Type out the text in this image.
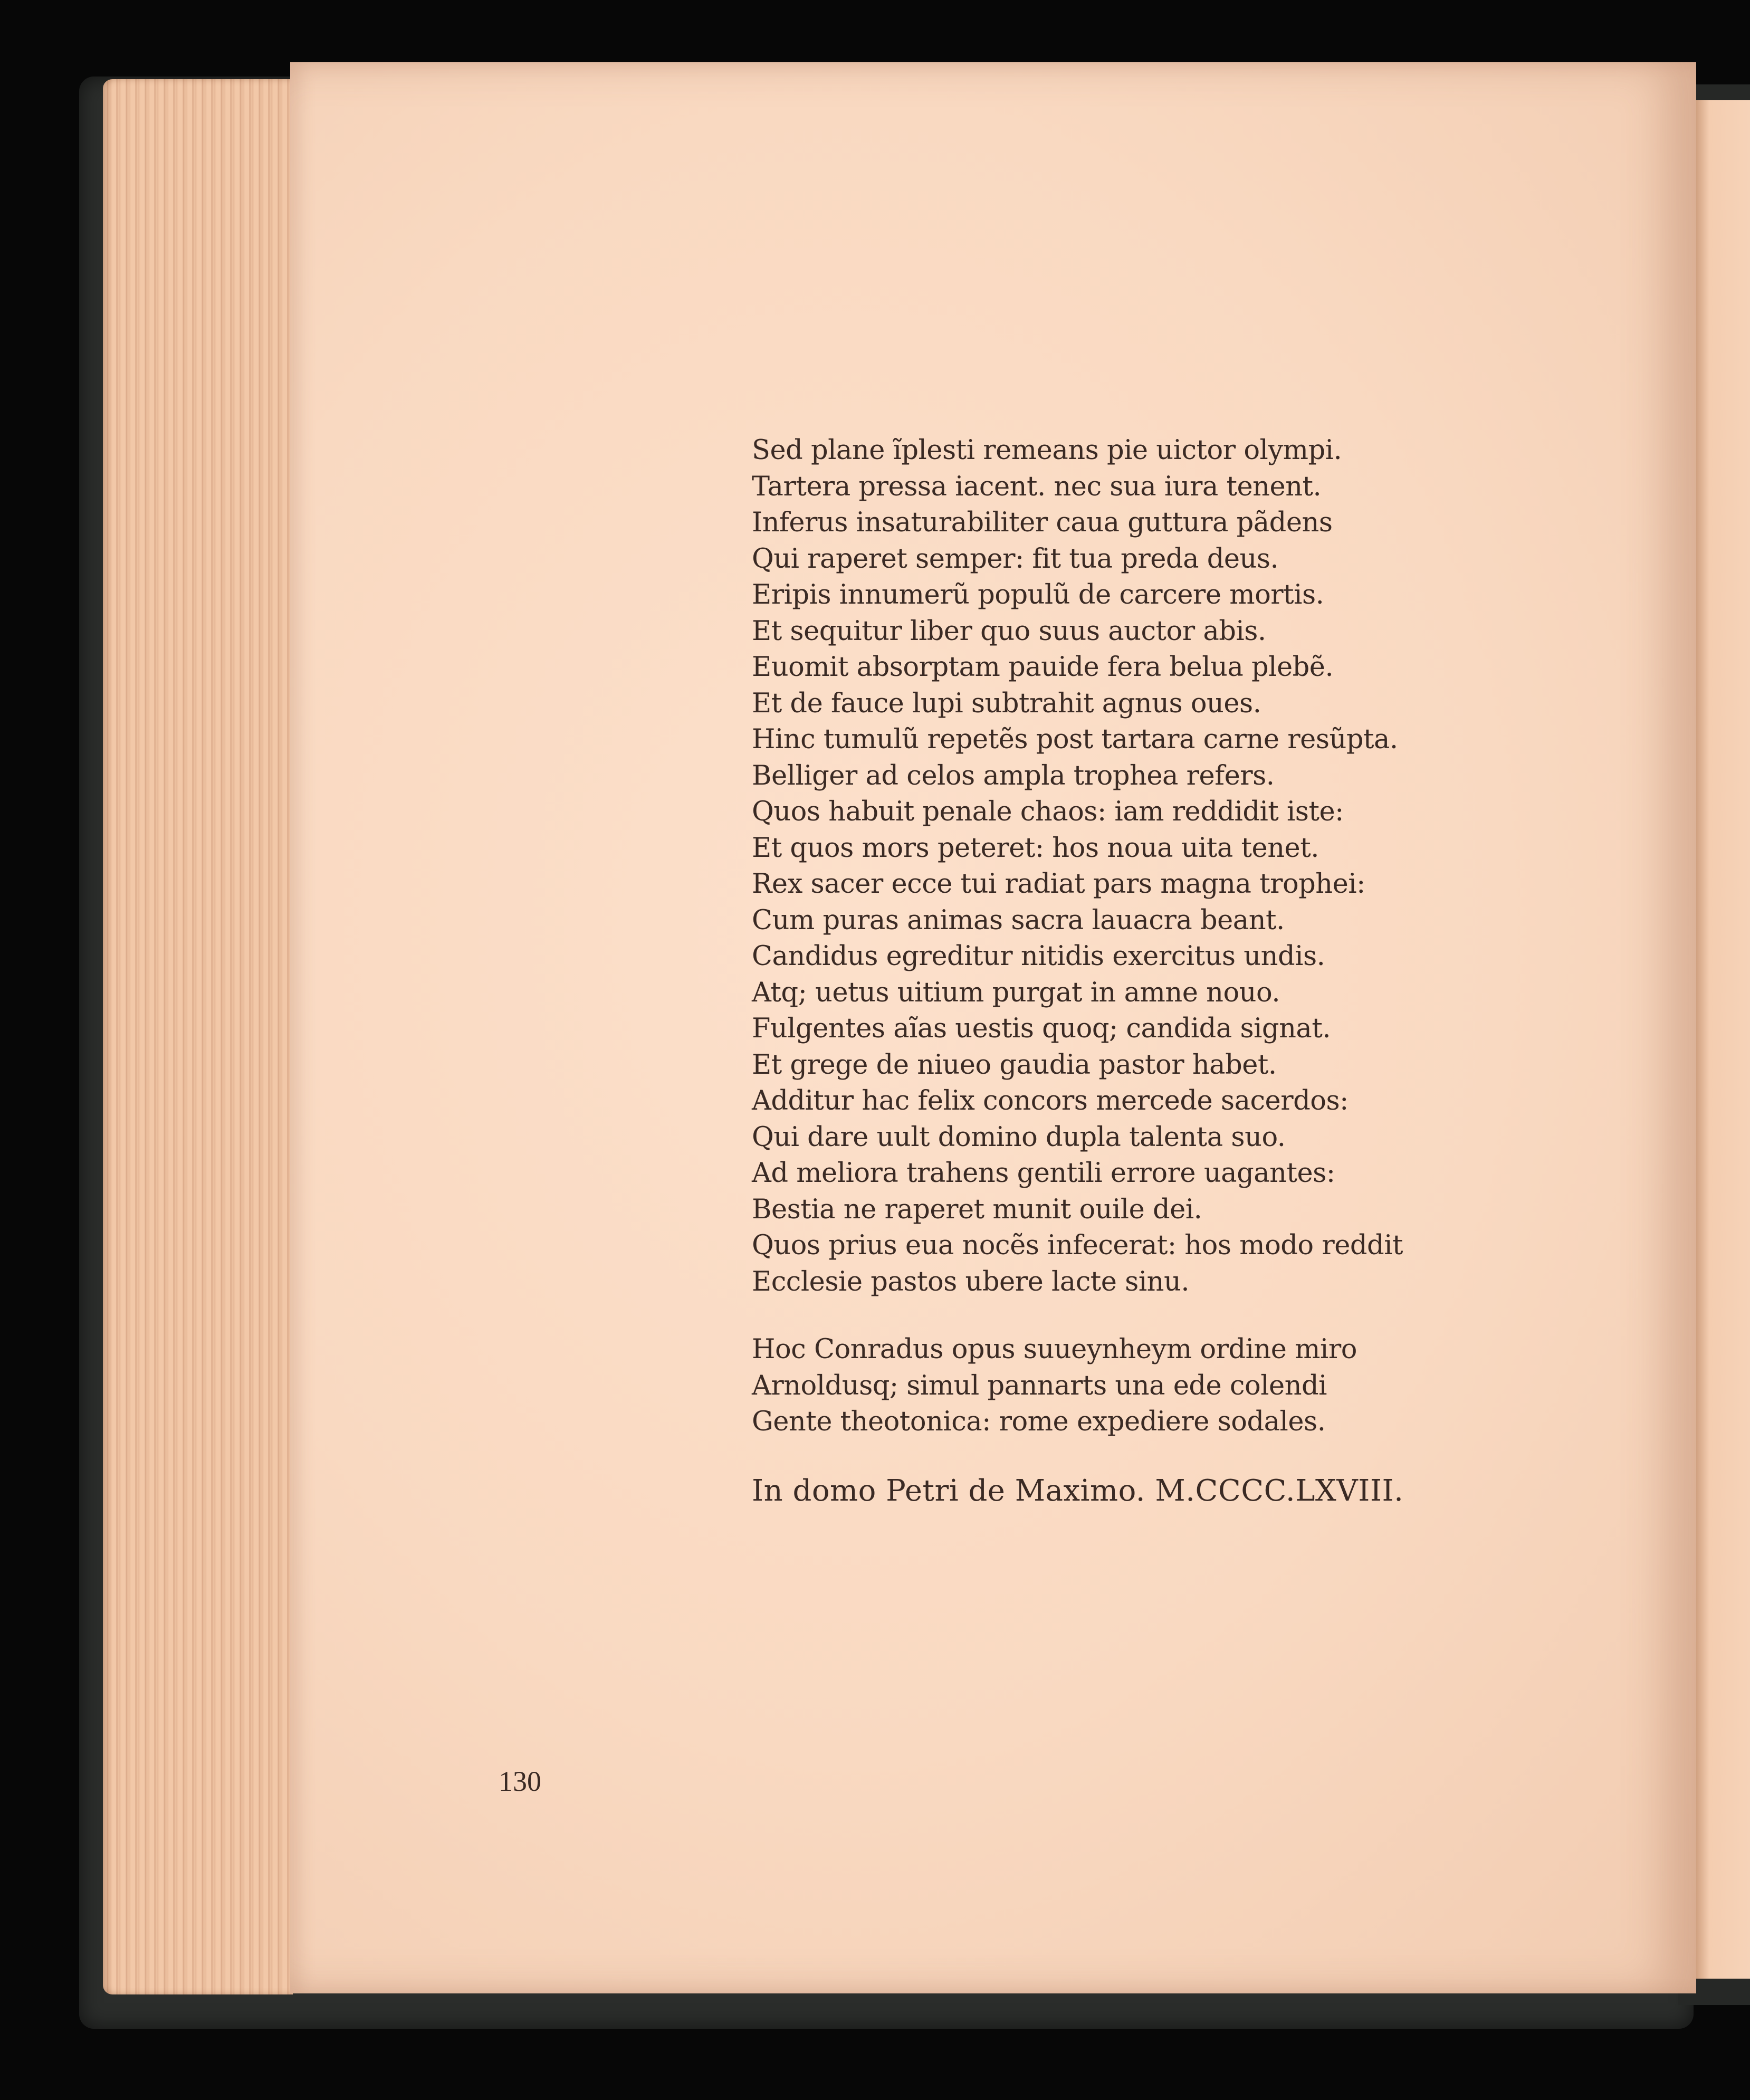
Sed plane ĩplesti remeans pie uictor olympi.
Tartera pressa iacent. nec sua iura tenent.
Inferus insaturabiliter caua guttura pãdens
Qui raperet semper: fit tua preda deus.
Eripis innumerũ populũ de carcere mortis.
Et sequitur liber quo suus auctor abis.
Euomit absorptam pauide fera belua plebẽ.
Et de fauce lupi subtrahit agnus oues.
Hinc tumulũ repetẽs post tartara carne resũpta.
Belliger ad celos ampla trophea refers.
Quos habuit penale chaos: iam reddidit iste:
Et quos mors peteret: hos noua uita tenet.
Rex sacer ecce tui radiat pars magna trophei:
Cum puras animas sacra lauacra beant.
Candidus egreditur nitidis exercitus undis.
Atq; uetus uitium purgat in amne nouo.
Fulgentes aĩas uestis quoq; candida signat.
Et grege de niueo gaudia pastor habet.
Additur hac felix concors mercede sacerdos:
Qui dare uult domino dupla talenta suo.
Ad meliora trahens gentili errore uagantes:
Bestia ne raperet munit ouile dei.
Quos prius eua nocẽs infecerat: hos modo reddit
Ecclesie pastos ubere lacte sinu.
Hoc Conradus opus suueynheym ordine miro
Arnoldusq; simul pannarts una ede colendi
Gente theotonica: rome expediere sodales.
In domo Petri de Maximo. M.CCCC.LXVIII.
130
